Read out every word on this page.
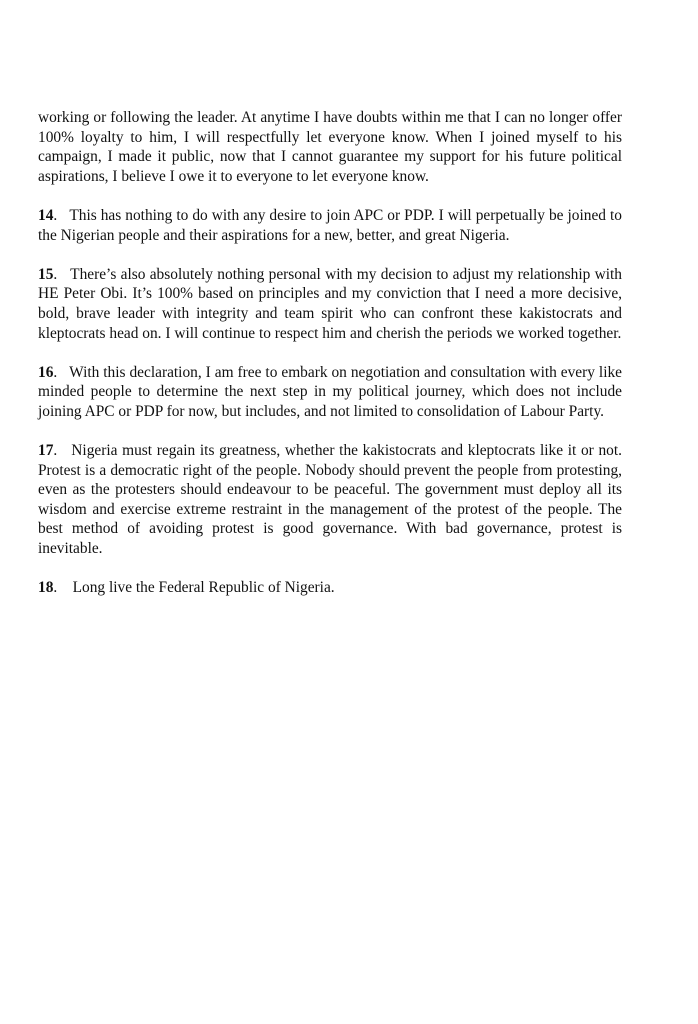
working or following the leader. At anytime I have doubts within me that I can no longer offer 100% loyalty to him, I will respectfully let everyone know. When I joined myself to his campaign, I made it public, now that I cannot guarantee my support for his future political aspirations, I believe I owe it to everyone to let everyone know.

14.   This has nothing to do with any desire to join APC or PDP. I will perpetually be joined to the Nigerian people and their aspirations for a new, better, and great Nigeria.

15.   There’s also absolutely nothing personal with my decision to adjust my relationship with HE Peter Obi. It’s 100% based on principles and my conviction that I need a more decisive, bold, brave leader with integrity and team spirit who can confront these kakistocrats and kleptocrats head on. I will continue to respect him and cherish the periods we worked together.

16.   With this declaration, I am free to embark on negotiation and consultation with every like minded people to determine the next step in my political journey, which does not include joining APC or PDP for now, but includes, and not limited to consolidation of Labour Party.

17.   Nigeria must regain its greatness, whether the kakistocrats and kleptocrats like it or not. Protest is a democratic right of the people. Nobody should prevent the people from protesting, even as the protesters should endeavour to be peaceful. The government must deploy all its wisdom and exercise extreme restraint in the management of the protest of the people. The best method of avoiding protest is good governance. With bad governance, protest is inevitable.

18.    Long live the Federal Republic of Nigeria.
